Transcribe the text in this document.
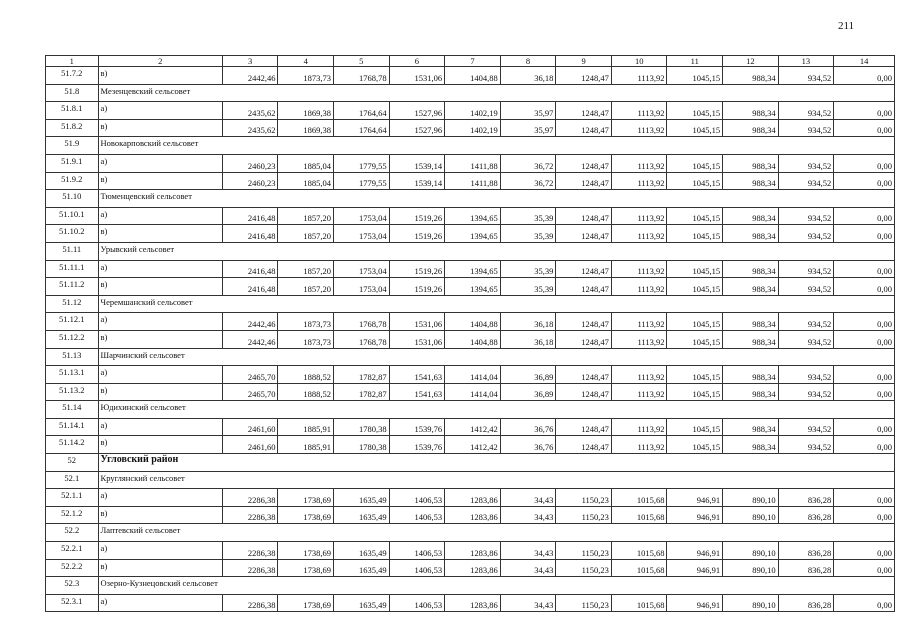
211
1	2	3	4	5	6	7	8	9	10	11	12	13	14
51.7.2	в)	2442,46	1873,73	1768,78	1531,06	1404,88	36,18	1248,47	1113,92	1045,15	988,34	934,52	0,00
51.8	Мезенцевский сельсовет												
51.8.1	а)	2435,62	1869,38	1764,64	1527,96	1402,19	35,97	1248,47	1113,92	1045,15	988,34	934,52	0,00
51.8.2	в)	2435,62	1869,38	1764,64	1527,96	1402,19	35,97	1248,47	1113,92	1045,15	988,34	934,52	0,00
51.9	Новокарповский сельсовет												
51.9.1	а)	2460,23	1885,04	1779,55	1539,14	1411,88	36,72	1248,47	1113,92	1045,15	988,34	934,52	0,00
51.9.2	в)	2460,23	1885,04	1779,55	1539,14	1411,88	36,72	1248,47	1113,92	1045,15	988,34	934,52	0,00
51.10	Тюменцевский сельсовет												
51.10.1	а)	2416,48	1857,20	1753,04	1519,26	1394,65	35,39	1248,47	1113,92	1045,15	988,34	934,52	0,00
51.10.2	в)	2416,48	1857,20	1753,04	1519,26	1394,65	35,39	1248,47	1113,92	1045,15	988,34	934,52	0,00
51.11	Урывский сельсовет												
51.11.1	а)	2416,48	1857,20	1753,04	1519,26	1394,65	35,39	1248,47	1113,92	1045,15	988,34	934,52	0,00
51.11.2	в)	2416,48	1857,20	1753,04	1519,26	1394,65	35,39	1248,47	1113,92	1045,15	988,34	934,52	0,00
51.12	Черемшанский сельсовет												
51.12.1	а)	2442,46	1873,73	1768,78	1531,06	1404,88	36,18	1248,47	1113,92	1045,15	988,34	934,52	0,00
51.12.2	в)	2442,46	1873,73	1768,78	1531,06	1404,88	36,18	1248,47	1113,92	1045,15	988,34	934,52	0,00
51.13	Шарчинский сельсовет												
51.13.1	а)	2465,70	1888,52	1782,87	1541,63	1414,04	36,89	1248,47	1113,92	1045,15	988,34	934,52	0,00
51.13.2	в)	2465,70	1888,52	1782,87	1541,63	1414,04	36,89	1248,47	1113,92	1045,15	988,34	934,52	0,00
51.14	Юдихинский сельсовет												
51.14.1	а)	2461,60	1885,91	1780,38	1539,76	1412,42	36,76	1248,47	1113,92	1045,15	988,34	934,52	0,00
51.14.2	в)	2461,60	1885,91	1780,38	1539,76	1412,42	36,76	1248,47	1113,92	1045,15	988,34	934,52	0,00
52	Угловский район												
52.1	Круглянский сельсовет												
52.1.1	а)	2286,38	1738,69	1635,49	1406,53	1283,86	34,43	1150,23	1015,68	946,91	890,10	836,28	0,00
52.1.2	в)	2286,38	1738,69	1635,49	1406,53	1283,86	34,43	1150,23	1015,68	946,91	890,10	836,28	0,00
52.2	Лаптевский сельсовет												
52.2.1	а)	2286,38	1738,69	1635,49	1406,53	1283,86	34,43	1150,23	1015,68	946,91	890,10	836,28	0,00
52.2.2	в)	2286,38	1738,69	1635,49	1406,53	1283,86	34,43	1150,23	1015,68	946,91	890,10	836,28	0,00
52.3	Озерно-Кузнецовский сельсовет												
52.3.1	а)	2286,38	1738,69	1635,49	1406,53	1283,86	34,43	1150,23	1015,68	946,91	890,10	836,28	0,00
